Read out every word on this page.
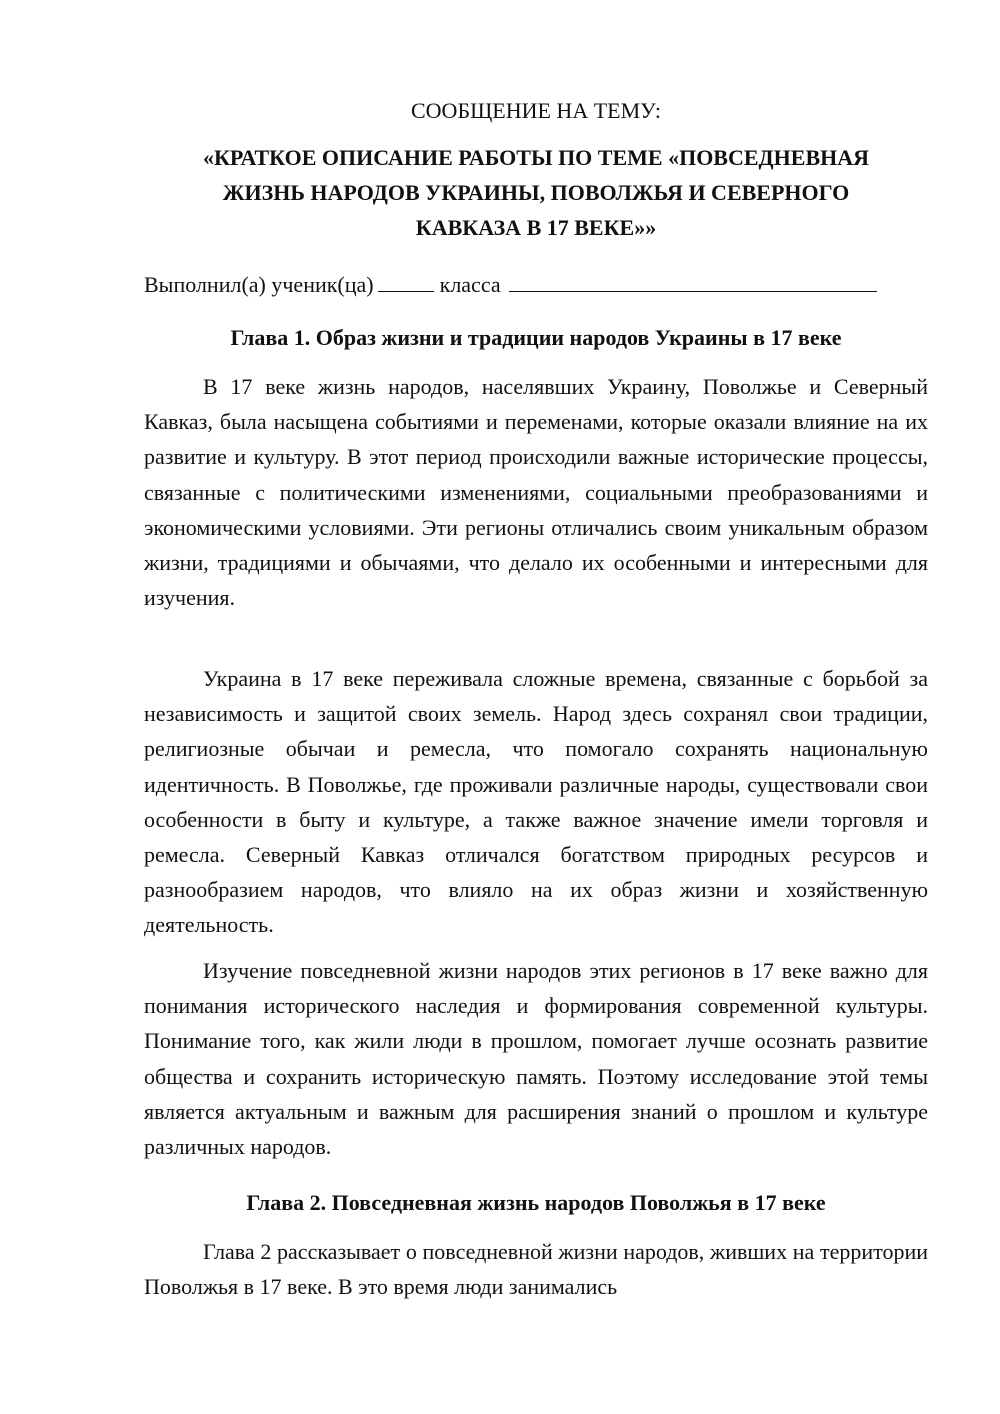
СООБЩЕНИЕ НА ТЕМУ:
«КРАТКОЕ ОПИСАНИЕ РАБОТЫ ПО ТЕМЕ «ПОВСЕДНЕВНАЯ
ЖИЗНЬ НАРОДОВ УКРАИНЫ, ПОВОЛЖЬЯ И СЕВЕРНОГО
КАВКАЗА В 17 ВЕКЕ»»
Выполнил(а) ученик(ца)	класса
Глава 1. Образ жизни и традиции народов Украины в 17 веке

В 17 веке жизнь народов, населявших Украину, Поволжье и Северный Кавказ, была насыщена событиями и переменами, которые оказали влияние на их развитие и культуру. В этот период происходили важные исторические процессы, связанные с политическими изменениями, социальными преобразованиями и экономическими условиями. Эти регионы отличались своим уникальным образом жизни, традициями и обычаями, что делало их особенными и интересными для изучения.

Украина в 17 веке переживала сложные времена, связанные с борьбой за независимость и защитой своих земель. Народ здесь сохранял свои традиции, религиозные обычаи и ремесла, что помогало сохранять национальную идентичность. В Поволжье, где проживали различные народы, существовали свои особенности в быту и культуре, а также важное значение имели торговля и ремесла. Северный Кавказ отличался богатством природных ресурсов и разнообразием народов, что влияло на их образ жизни и хозяйственную деятельность.

Изучение повседневной жизни народов этих регионов в 17 веке важно для понимания исторического наследия и формирования современной культуры. Понимание того, как жили люди в прошлом, помогает лучше осознать развитие общества и сохранить историческую память. Поэтому исследование этой темы является актуальным и важным для расширения знаний о прошлом и культуре различных народов.

Глава 2. Повседневная жизнь народов Поволжья в 17 веке

Глава 2 рассказывает о повседневной жизни народов, живших на территории Поволжья в 17 веке. В это время люди занимались
